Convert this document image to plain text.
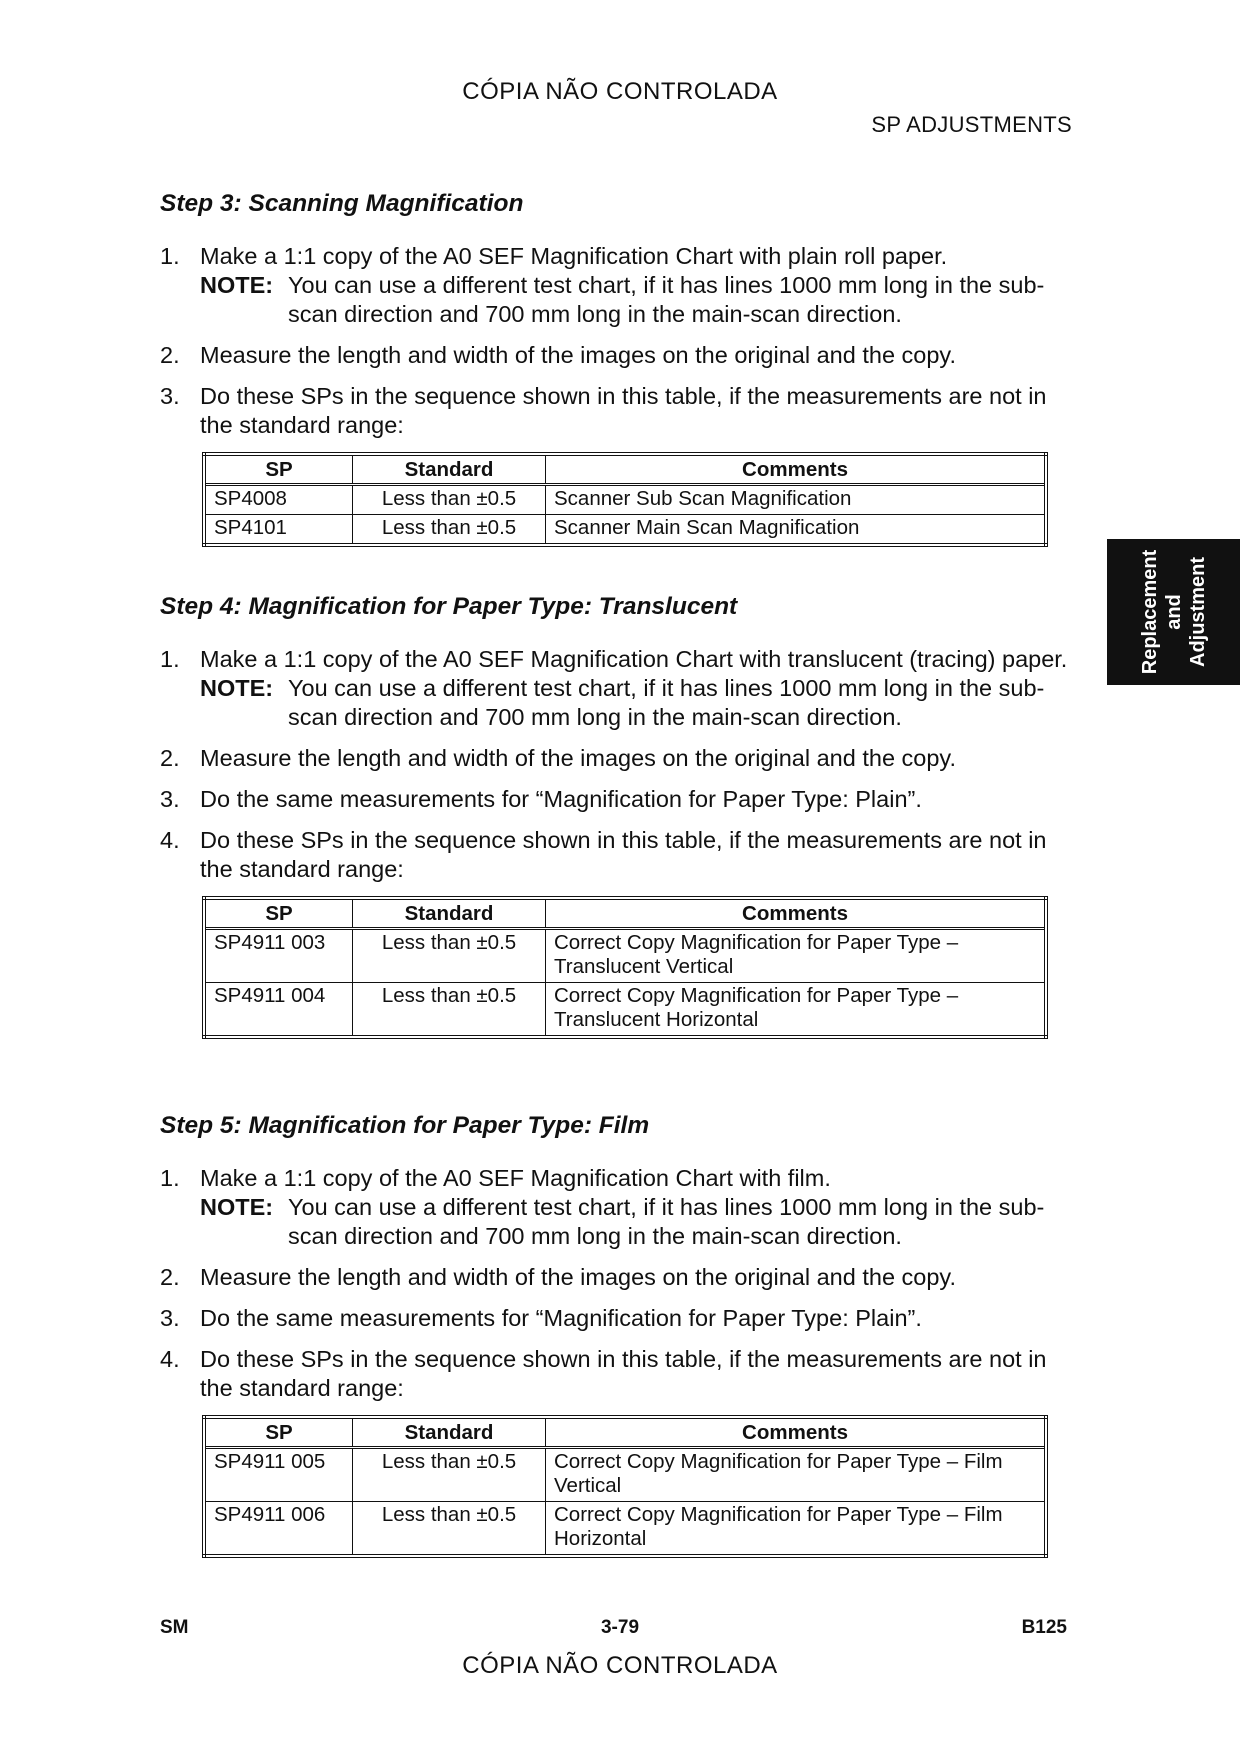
CÓPIA NÃO CONTROLADA
SP ADJUSTMENTS
Replacement and Adjustment
Step 3: Scanning Magnification
1. Make a 1:1 copy of the A0 SEF Magnification Chart with plain roll paper.
NOTE: You can use a different test chart, if it has lines 1000 mm long in the sub-scan direction and 700 mm long in the main-scan direction.
2. Measure the length and width of the images on the original and the copy.
3. Do these SPs in the sequence shown in this table, if the measurements are not in the standard range:
SP	Standard	Comments
SP4008	Less than ±0.5	Scanner Sub Scan Magnification
SP4101	Less than ±0.5	Scanner Main Scan Magnification
Step 4: Magnification for Paper Type: Translucent
1. Make a 1:1 copy of the A0 SEF Magnification Chart with translucent (tracing) paper.
NOTE: You can use a different test chart, if it has lines 1000 mm long in the sub-scan direction and 700 mm long in the main-scan direction.
2. Measure the length and width of the images on the original and the copy.
3. Do the same measurements for “Magnification for Paper Type: Plain”.
4. Do these SPs in the sequence shown in this table, if the measurements are not in the standard range:
SP	Standard	Comments
SP4911 003	Less than ±0.5	Correct Copy Magnification for Paper Type – Translucent Vertical
SP4911 004	Less than ±0.5	Correct Copy Magnification for Paper Type – Translucent Horizontal
Step 5: Magnification for Paper Type: Film
1. Make a 1:1 copy of the A0 SEF Magnification Chart with film.
NOTE: You can use a different test chart, if it has lines 1000 mm long in the sub-scan direction and 700 mm long in the main-scan direction.
2. Measure the length and width of the images on the original and the copy.
3. Do the same measurements for “Magnification for Paper Type: Plain”.
4. Do these SPs in the sequence shown in this table, if the measurements are not in the standard range:
SP	Standard	Comments
SP4911 005	Less than ±0.5	Correct Copy Magnification for Paper Type – Film Vertical
SP4911 006	Less than ±0.5	Correct Copy Magnification for Paper Type – Film Horizontal
SM	3-79	B125
CÓPIA NÃO CONTROLADA
